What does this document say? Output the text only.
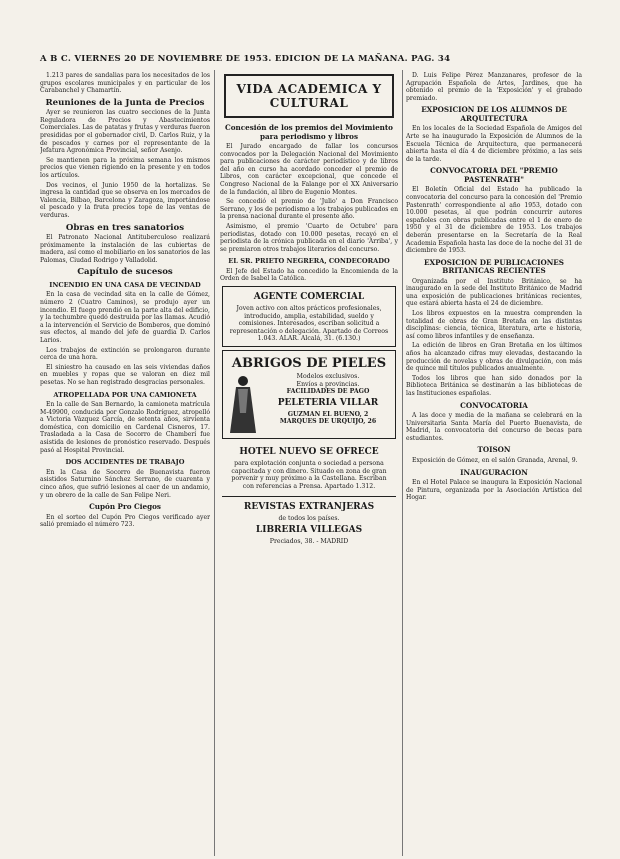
A B C. VIERNES 20 DE NOVIEMBRE DE 1953. EDICION DE LA MAÑANA. PAG. 34

1.213 pares de sandalias para los necesitados de los grupos escolares municipales y en particular de los Carabanchel y Chamartín.

Reuniones de la Junta de Precios

Ayer se reunieron las cuatro secciones de la Junta Reguladora de Precios y Abastecimientos Comerciales. Las de patatas y frutas y verduras fueron presididas por el gobernador civil, D. Carlos Ruiz, y la de pescados y carnes por el representante de la Jefatura Agronómica Provincial, señor Asenjo.

Se mantienen para la próxima semana los mismos precios que vienen rigiendo en la presente y en todos los artículos.

Dos vecinos, el Junio 1950 de la hortalizas. Se ingresa la cantidad que se observa en los mercados de Valencia, Bilbao, Barcelona y Zaragoza, importándose el pescado y la fruta precios tope de las ventas de verduras.

Obras en tres sanatorios

El Patronato Nacional Antituberculoso realizará próximamente la instalación de las cubiertas de madera, así como el mobiliario en los sanatorios de las Palomas, Ciudad Rodrigo y Valladolid.

Capítulo de sucesos
INCENDIO EN UNA CASA DE VECINDAD

En la casa de vecindad sita en la calle de Gómez, número 2 (Cuatro Caminos), se produjo ayer un incendio. El fuego prendió en la parte alta del edificio, y la techumbre quedó destruida por las llamas. Acudió a la intervención el Servicio de Bomberos, que dominó sus efectos, al mando del jefe de guardia D. Carlos Larios.

Los trabajos de extinción se prolongaron durante cerca de una hora.

El siniestro ha causado en las seis viviendas daños en muebles y ropas que se valoran en diez mil pesetas. No se han registrado desgracias personales.

ATROPELLADA POR UNA CAMIONETA

En la calle de San Bernardo, la camioneta matrícula M-49900, conducida por Gonzalo Rodríguez, atropelló a Victoria Vázquez García, de setenta años, sirvienta doméstica, con domicilio en Cardenal Cisneros, 17. Trasladada a la Casa de Socorro de Chamberí fue asistida de lesiones de pronóstico reservado. Después pasó al Hospital Provincial.

DOS ACCIDENTES DE TRABAJO

En la Casa de Socorro de Buenavista fueron asistidos Saturnino Sánchez Serrano, de cuarenta y cinco años, que sufrió lesiones al caer de un andamio, y un obrero de la calle de San Felipe Neri.

Cupón Pro Ciegos

En el sorteo del Cupón Pro Ciegos verificado ayer salió premiado el número 723.

VIDA ACADEMICA Y CULTURAL
Concesión de los premios del Movimiento para periodismo y libros

El Jurado encargado de fallar los concursos convocados por la Delegación Nacional del Movimiento para publicaciones de carácter periodístico y de libros del año en curso ha acordado conceder el premio de Libros, con carácter excepcional, que concede el Congreso Nacional de la Falange por el XX Aniversario de la fundación, al libro de Eugenio Montes.

Se concedió el premio de 'Julio' a Don Francisco Serrano, y los de periodismo a los trabajos publicados en la prensa nacional durante el presente año.

Asimismo, el premio 'Cuarto de Octubre' para periodistas, dotado con 10.000 pesetas, recayó en el periodista de la crónica publicada en el diario 'Arriba', y se premiaron otros trabajos literarios del concurso.

EL SR. PRIETO NEGRERA, CONDECORADO

El Jefe del Estado ha concedido la Encomienda de la Orden de Isabel la Católica.

AGENTE COMERCIAL
Joven activo con altos prácticos profesionales, introducido, amplia, estabilidad, sueldo y comisiones. Interesados, escriban solicitud a representación o delegación. Apartado de Correos 1.043. ALAR. Alcalá, 31. (6.130.)
ABRIGOS DE PIELES
Modelos exclusivos.
Envíos a provincias.
FACILIDADES DE PAGO
PELETERIA VILLAR
GUZMAN EL BUENO, 2
MARQUES DE URQUIJO, 26
HOTEL NUEVO SE OFRECE
para explotación conjunta o sociedad a persona capacitada y con dinero. Situado en zona de gran porvenir y muy próximo a la Castellana. Escriban con referencias a Prensa. Apartado 1.312.
REVISTAS EXTRANJERAS
de todos los países.
LIBRERIA VILLEGAS
Preciados, 38. - MADRID

D. Luis Felipe Pérez Manzanares, profesor de la Agrupación Española de Artes, Jardines, que ha obtenido el premio de la 'Exposición' y el grabado premiado.

EXPOSICION DE LOS ALUMNOS DE ARQUITECTURA

En los locales de la Sociedad Española de Amigos del Arte se ha inaugurado la Exposición de Alumnos de la Escuela Técnica de Arquitectura, que permanecerá abierta hasta el día 4 de diciembre próximo, a las seis de la tarde.

CONVOCATORIA DEL "PREMIO PASTENRATH"

El Boletín Oficial del Estado ha publicado la convocatoria del concurso para la concesión del 'Premio Pastenrath' correspondiente al año 1953, dotado con 10.000 pesetas, al que podrán concurrir autores españoles con obras publicadas entre el 1 de enero de 1950 y el 31 de diciembre de 1953. Los trabajos deberán presentarse en la Secretaría de la Real Academia Española hasta las doce de la noche del 31 de diciembre de 1953.

EXPOSICION DE PUBLICACIONES BRITANICAS RECIENTES

Organizada por el Instituto Británico, se ha inaugurado en la sede del Instituto Británico de Madrid una exposición de publicaciones británicas recientes, que estará abierta hasta el 24 de diciembre.

Los libros expuestos en la muestra comprenden la totalidad de obras de Gran Bretaña en las distintas disciplinas: ciencia, técnica, literatura, arte e historia, así como libros infantiles y de enseñanza.

La edición de libros en Gran Bretaña en los últimos años ha alcanzado cifras muy elevadas, destacando la producción de novelas y obras de divulgación, con más de quince mil títulos publicados anualmente.

Todos los libros que han sido donados por la Biblioteca Británica se destinarán a las bibliotecas de las Instituciones españolas.

CONVOCATORIA

A las doce y media de la mañana se celebrará en la Universitaria Santa María del Puerto Buenavista, de Madrid, la convocatoria del concurso de becas para estudiantes.

TOISON

Exposición de Gómez, en el salón Granada, Arenal, 9.

INAUGURACION

En el Hotel Palace se inaugura la Exposición Nacional de Pintura, organizada por la Asociación Artística del Hogar.
